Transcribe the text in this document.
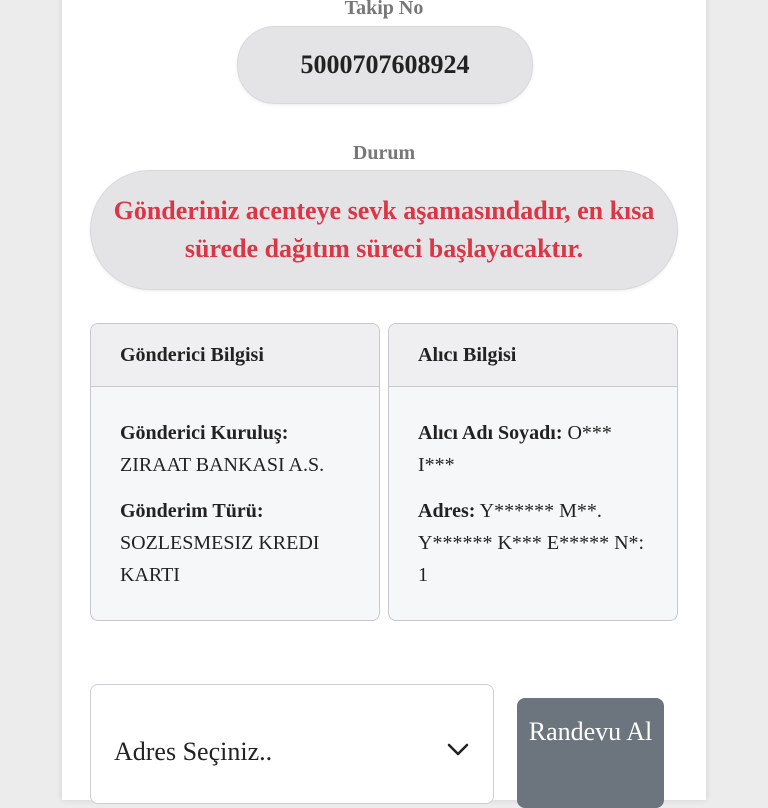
Takip No
5000707608924
Durum
Gönderiniz acenteye sevk aşamasındadır, en kısa sürede dağıtım süreci başlayacaktır.
Gönderici Bilgisi
Gönderici Kuruluş:
ZIRAAT BANKASI A.S.
Gönderim Türü:
SOZLESMESIZ KREDI KARTI
Alıcı Bilgisi
Alıcı Adı Soyadı: O*** I***
Adres: Y****** M**. Y****** K*** E***** N*: 1
Adres Seçiniz..
Randevu Al
